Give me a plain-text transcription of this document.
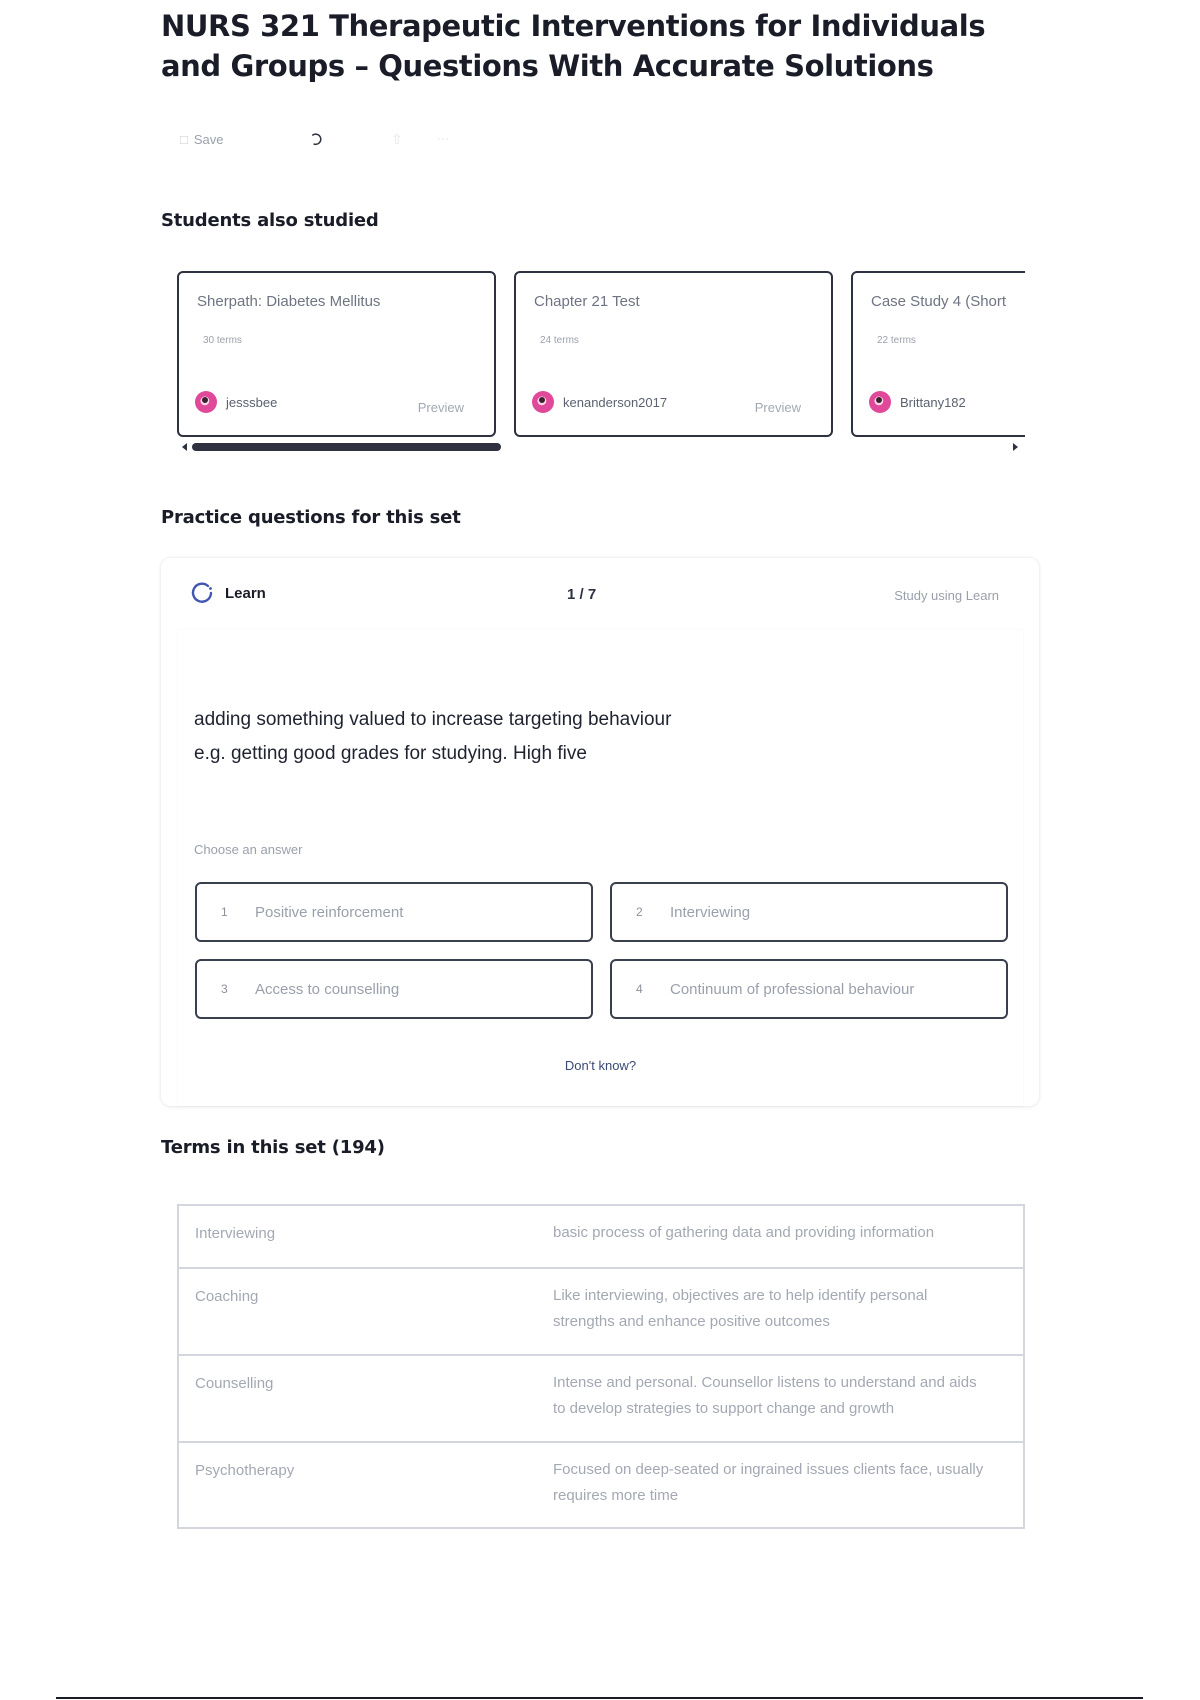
NURS 321 Therapeutic Interventions for Individuals and Groups – Questions With Accurate Solutions
□ Save	⇧	⋯
Students also studied
Sherpath: Diabetes Mellitus
30 terms
jesssbee	Preview
Chapter 21 Test
24 terms
kenanderson2017	Preview
Case Study 4 (Short
22 terms
Brittany182
Practice questions for this set
Learn	1 / 7	Study using Learn
adding something valued to increase targeting behaviour
e.g. getting good grades for studying. High five
Choose an answer
1	Positive reinforcement	2	Interviewing
3	Access to counselling	4	Continuum of professional behaviour
Don't know?
Terms in this set (194)
Interviewing	basic process of gathering data and providing information
Coaching	Like interviewing, objectives are to help identify personal strengths and enhance positive outcomes
Counselling	Intense and personal. Counsellor listens to understand and aids to develop strategies to support change and growth
Psychotherapy	Focused on deep-seated or ingrained issues clients face, usually requires more time
